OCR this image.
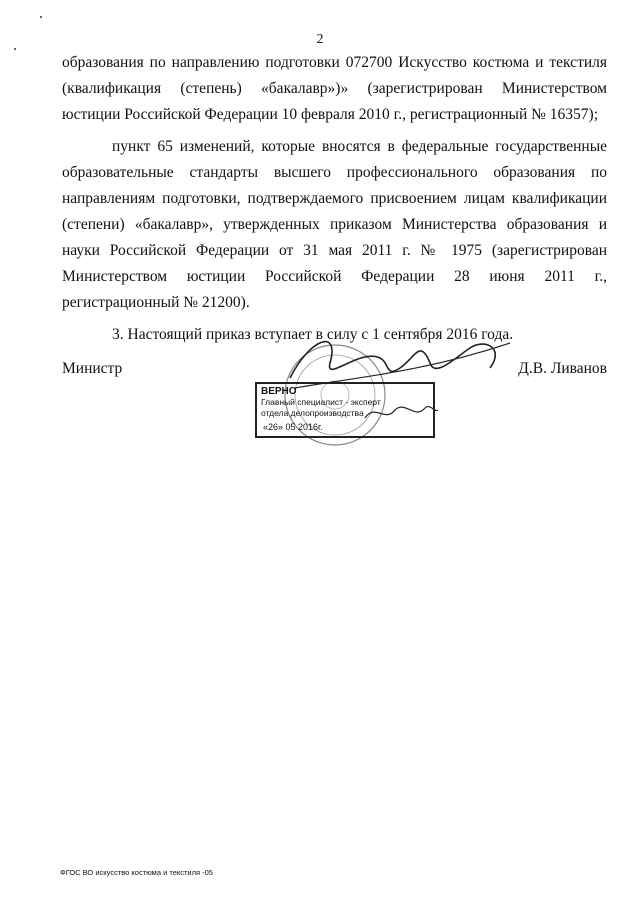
2

образования по направлению подготовки 072700 Искусство костюма и текстиля (квалификация (степень) «бакалавр»)» (зарегистрирован Министерством юстиции Российской Федерации 10 февраля 2010 г., регистрационный № 16357);

пункт 65 изменений, которые вносятся в федеральные государственные образовательные стандарты высшего профессионального образования по направлениям подготовки, подтверждаемого присвоением лицам квалификации (степени) «бакалавр», утвержденных приказом Министерства образования и науки Российской Федерации от 31 мая 2011 г. № 1975 (зарегистрирован Министерством юстиции Российской Федерации 28 июня 2011 г., регистрационный № 21200).

3. Настоящий приказ вступает в силу с 1 сентября 2016 года.

ВЕРНО
Главный специалист - эксперт
отдела делопроизводства
«26» 05 2016г.
Министр	Д.В. Ливанов
ФГОС ВО искусство костюма и текстиля -05
